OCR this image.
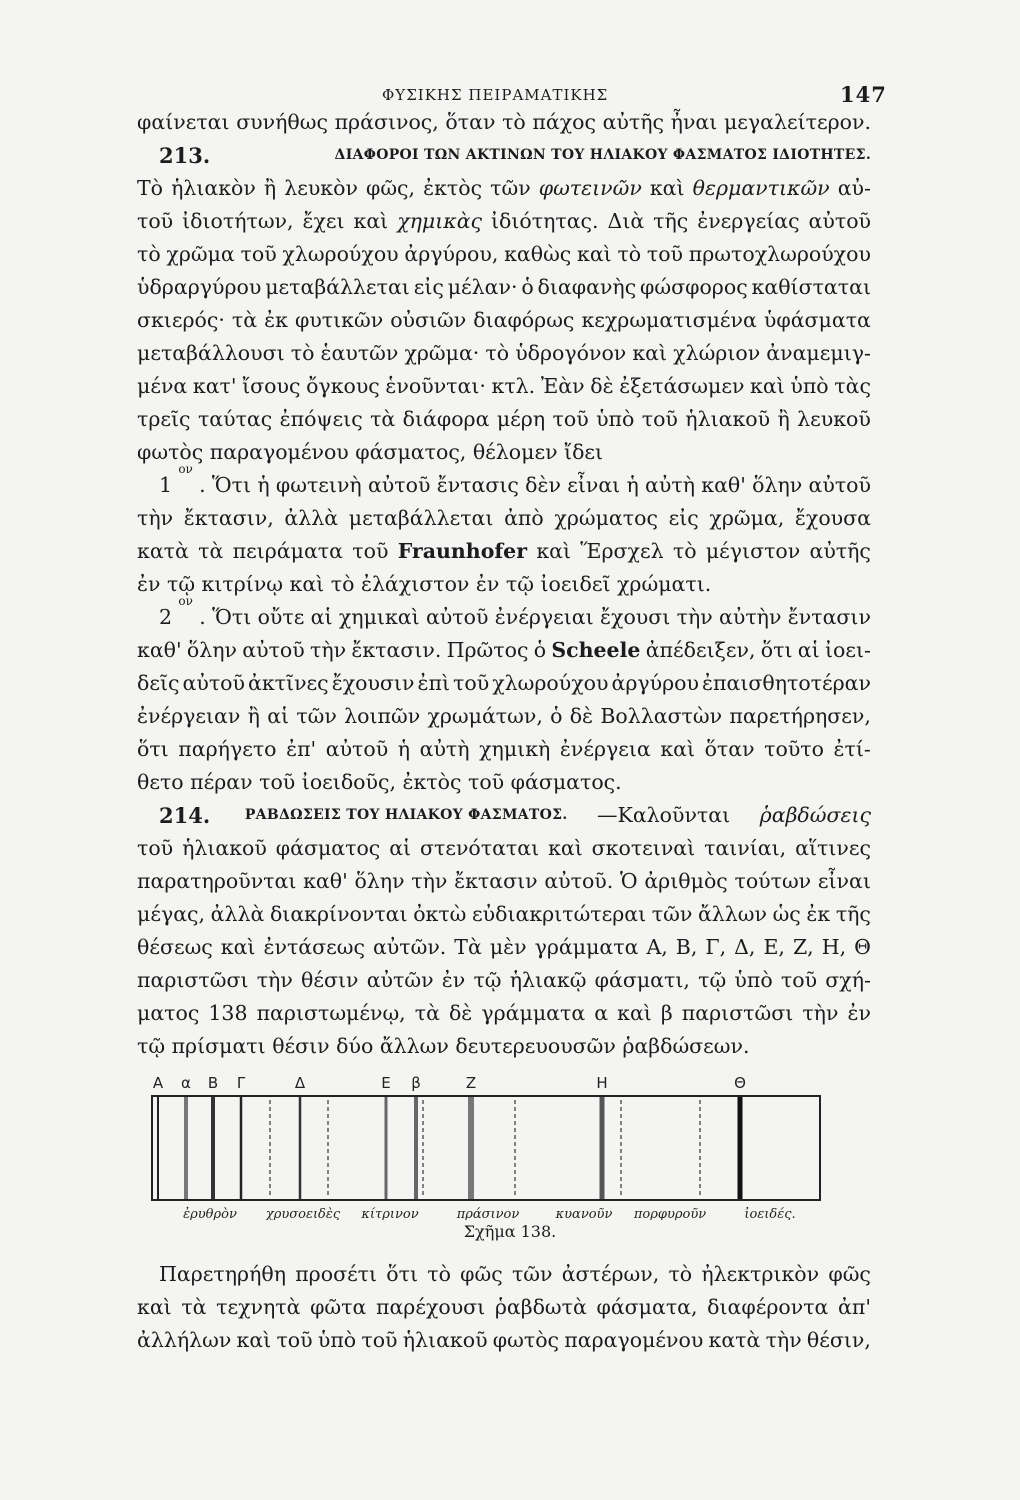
ΦΥΣΙΚΗΣ ΠΕΙΡΑΜΑΤΙΚΗΣ	147
φαίνεται συνήθως πράσινος, ὅταν τὸ πάχος αὐτῆς ἦναι μεγαλείτερον.
213.	ΔΙΑΦΟΡΟΙ ΤΩΝ ΑΚΤΙΝΩΝ ΤΟΥ ΗΛΙΑΚΟΥ ΦΑΣΜΑΤΟΣ ΙΔΙΟΤΗΤΕΣ.
Τὸ ἡλιακὸν ἢ λευκὸν φῶς, ἐκτὸς τῶν φωτεινῶν καὶ θερμαντικῶν αὐ-
τοῦ ἰδιοτήτων, ἔχει καὶ χημικὰς ἰδιότητας. Διὰ τῆς ἐνεργείας αὐτοῦ
τὸ χρῶμα τοῦ χλωρούχου ἀργύρου, καθὼς καὶ τὸ τοῦ πρωτοχλωρούχου
ὑδραργύρου μεταβάλλεται εἰς μέλαν· ὁ διαφανὴς φώσφορος καθίσταται
σκιερός· τὰ ἐκ φυτικῶν οὐσιῶν διαφόρως κεχρωματισμένα ὑφάσματα
μεταβάλλουσι τὸ ἑαυτῶν χρῶμα· τὸ ὑδρογόνον καὶ χλώριον ἀναμεμιγ-
μένα κατ' ἴσους ὄγκους ἑνοῦνται· κτλ. Ἐὰν δὲ ἐξετάσωμεν καὶ ὑπὸ τὰς
τρεῖς ταύτας ἐπόψεις τὰ διάφορα μέρη τοῦ ὑπὸ τοῦ ἡλιακοῦ ἢ λευκοῦ
φωτὸς παραγομένου φάσματος, θέλομεν ἴδει
1
ον
. Ὅτι ἡ φωτεινὴ αὐτοῦ ἔντασις δὲν εἶναι ἡ αὐτὴ καθ' ὅλην αὐτοῦ
τὴν ἔκτασιν, ἀλλὰ μεταβάλλεται ἀπὸ χρώματος εἰς χρῶμα, ἔχουσα
κατὰ τὰ πειράματα τοῦ Fraunhofer καὶ Ἕρσχελ τὸ μέγιστον αὐτῆς
ἐν τῷ κιτρίνῳ καὶ τὸ ἐλάχιστον ἐν τῷ ἰοειδεῖ χρώματι.
2
ον
. Ὅτι οὔτε αἱ χημικαὶ αὐτοῦ ἐνέργειαι ἔχουσι τὴν αὐτὴν ἔντασιν
καθ' ὅλην αὐτοῦ τὴν ἔκτασιν. Πρῶτος ὁ Scheele ἀπέδειξεν, ὅτι αἱ ἰοει-
δεῖς αὐτοῦ ἀκτῖνες ἔχουσιν ἐπὶ τοῦ χλωρούχου ἀργύρου ἐπαισθητοτέραν
ἐνέργειαν ἢ αἱ τῶν λοιπῶν χρωμάτων, ὁ δὲ Βολλαστὼν παρετήρησεν,
ὅτι παρήγετο ἐπ' αὐτοῦ ἡ αὐτὴ χημικὴ ἐνέργεια καὶ ὅταν τοῦτο ἐτί-
θετο πέραν τοῦ ἰοειδοῦς, ἐκτὸς τοῦ φάσματος.
214. ΡΑΒΔΩΣΕΙΣ ΤΟΥ ΗΛΙΑΚΟΥ ΦΑΣΜΑΤΟΣ. —Καλοῦνται ῥαβδώσεις
τοῦ ἡλιακοῦ φάσματος αἱ στενόταται καὶ σκοτειναὶ ταινίαι, αἵτινες
παρατηροῦνται καθ' ὅλην τὴν ἔκτασιν αὐτοῦ. Ὁ ἀριθμὸς τούτων εἶναι
μέγας, ἀλλὰ διακρίνονται ὀκτὼ εὐδιακριτώτεραι τῶν ἄλλων ὡς ἐκ τῆς
θέσεως καὶ ἐντάσεως αὐτῶν. Τὰ μὲν γράμματα Α, Β, Γ, Δ, Ε, Ζ, Η, Θ
παριστῶσι τὴν θέσιν αὐτῶν ἐν τῷ ἡλιακῷ φάσματι, τῷ ὑπὸ τοῦ σχή-
ματος 138 παριστωμένῳ, τὰ δὲ γράμματα α καὶ β παριστῶσι τὴν ἐν
τῷ πρίσματι θέσιν δύο ἄλλων δευτερευουσῶν ῥαβδώσεων.
A α B Γ	Δ	E β	Z	H	Θ
ἐρυθρὸν χρυσοειδὲς κίτρινον	πράσινον	κυανοῦν πορφυροῦν	ἰοειδές.
Σχῆμα 138.
Παρετηρήθη προσέτι ὅτι τὸ φῶς τῶν ἀστέρων, τὸ ἠλεκτρικὸν φῶς
καὶ τὰ τεχνητὰ φῶτα παρέχουσι ῥαβδωτὰ φάσματα, διαφέροντα ἀπ'
ἀλλήλων καὶ τοῦ ὑπὸ τοῦ ἡλιακοῦ φωτὸς παραγομένου κατὰ τὴν θέσιν,
